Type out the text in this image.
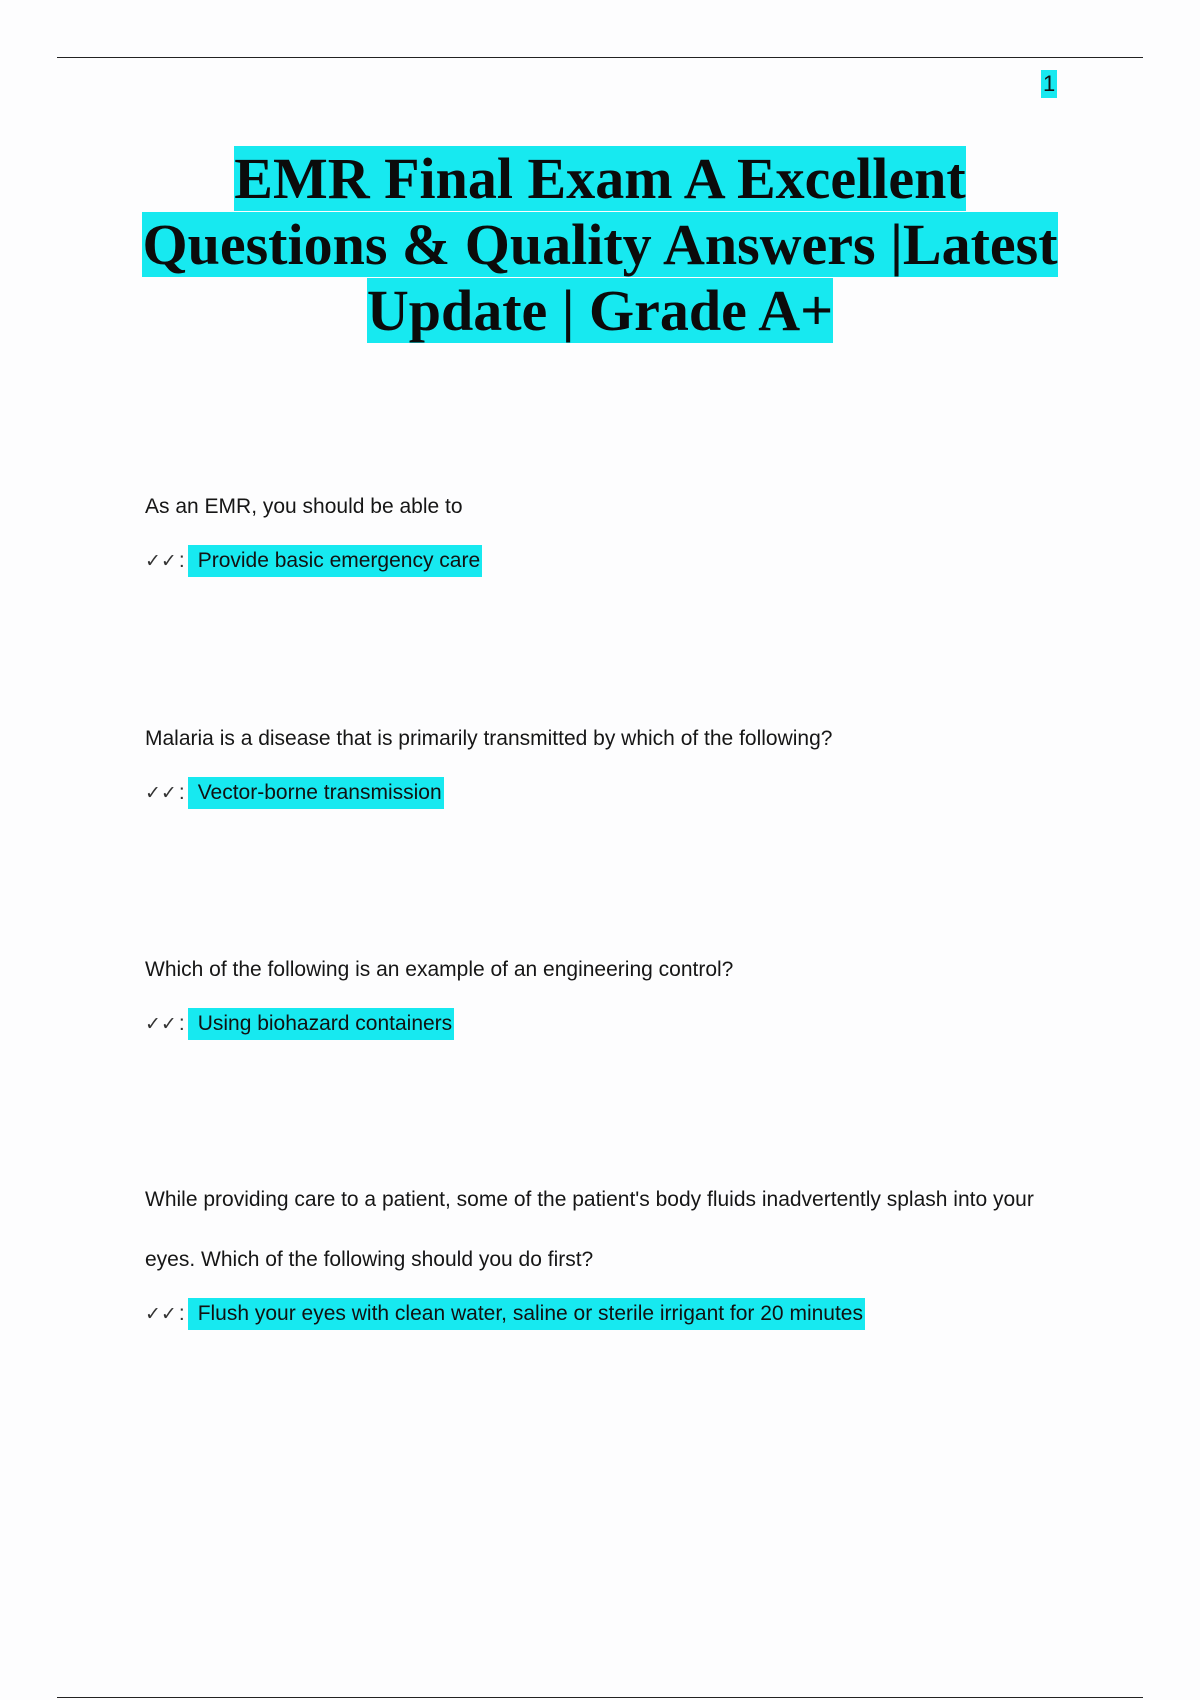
1
EMR Final Exam A Excellent
Questions & Quality Answers |Latest
Update | Grade A+

As an EMR, you should be able to

✓✓ : Provide basic emergency care

Malaria is a disease that is primarily transmitted by which of the following?

✓✓ : Vector-borne transmission

Which of the following is an example of an engineering control?

✓✓ : Using biohazard containers

While providing care to a patient, some of the patient's body fluids inadvertently splash into your eyes. Which of the following should you do first?

✓✓ : Flush your eyes with clean water, saline or sterile irrigant for 20 minutes
